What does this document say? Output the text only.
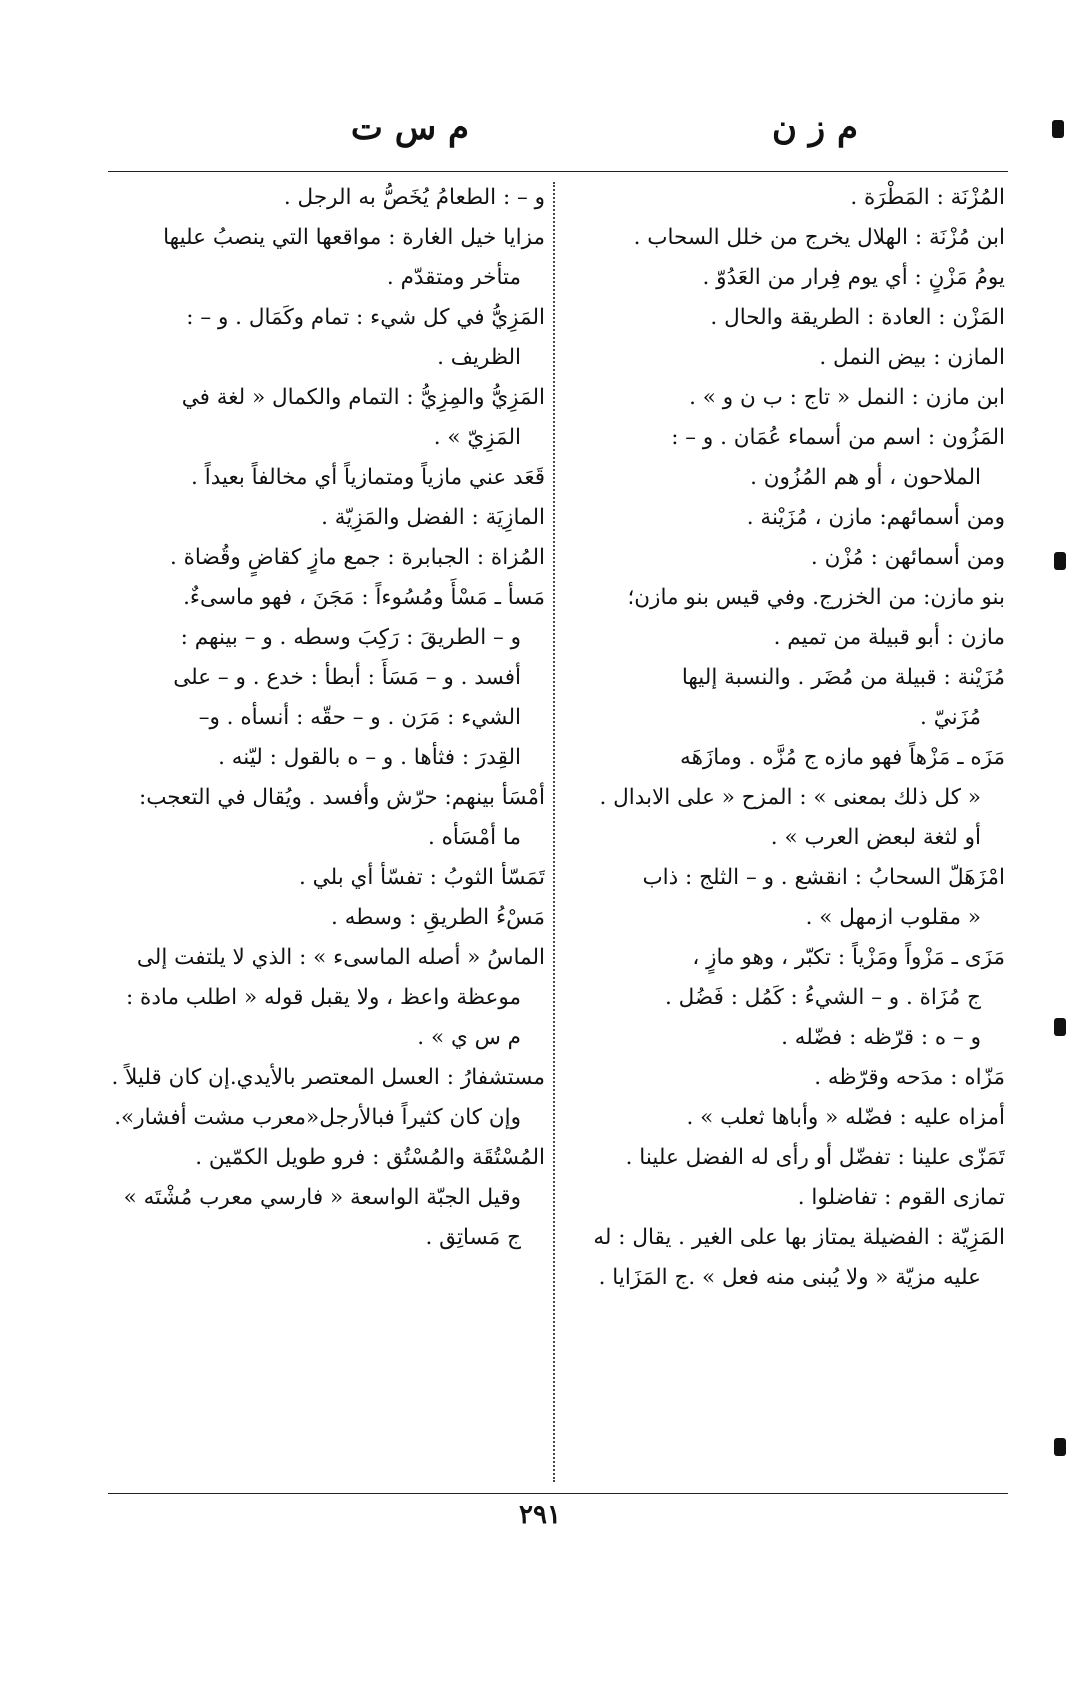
م ز ن
م س ت
المُزْنَة : المَطْرَة .
ابن مُزْنَة : الهلال يخرج من خلل السحاب .
يومُ مَزْنٍ : أي يوم فِرار من العَدُوّ .
المَزْن : العادة : الطريقة والحال .
المازن : بيض النمل .
ابن مازن : النمل « تاج : ب ن و » .
المَزُون : اسم من أسماء عُمَان . و – :
الملاحون ، أو هم المُزُون .
ومن أسمائهم: مازن ، مُزَيْنة .
ومن أسمائهن : مُزْن .
بنو مازن: من الخزرج. وفي قيس بنو مازن؛
مازن : أبو قبيلة من تميم .
مُزَيْنة : قبيلة من مُضَر . والنسبة إليها
مُزَنيّ .
مَزَه ـ مَزْهاً فهو مازه ج مُزَّه . ومازَهَه
« كل ذلك بمعنى » : المزح « على الابدال .
أو لثغة لبعض العرب » .
امْزَهَلّ السحابُ : انقشع . و – الثلج : ذاب
« مقلوب ازمهل » .
مَزَى ـ مَزْواً ومَزْياً : تكبّر ، وهو مازٍ ،
ج مُزَاة . و – الشيءُ : كَمُل : فَضُل .
و – ه : قرّظه : فضّله .
مَزّاه : مدَحه وقرّظه .
أمزاه عليه : فضّله « وأباها ثعلب » .
تَمَزّى علينا : تفضّل أو رأى له الفضل علينا .
تمازى القوم : تفاضلوا .
المَزِيّة : الفضيلة يمتاز بها على الغير . يقال : له
عليه مزيّة « ولا يُبنى منه فعل » .ج المَزَايا .
و – : الطعامُ يُخَصُّ به الرجل .
مزايا خيل الغارة : مواقعها التي ينصبُ عليها
متأخر ومتقدّم .
المَزِيُّ في كل شيء : تمام وكَمَال . و – :
الظريف .
المَزِيُّ والمِزِيُّ : التمام والكمال « لغة في
المَزِيّ » .
قَعَد عني مازياً ومتمازياً أي مخالفاً بعيداً .
المازِيَة : الفضل والمَزِيّة .
المُزاة : الجبابرة : جمع مازٍ كقاضٍ وقُضاة .
مَسأ ـ مَسْأً ومُسُوءاً : مَجَنَ ، فهو ماسىءٌ.
و – الطريقَ : رَكِبَ وسطه . و – بينهم :
أفسد . و – مَسَأً : أبطأ : خدع . و – على
الشيء : مَرَن . و – حقّه : أنسأه . و–
القِدرَ : فثأها . و – ه بالقول : ليّنه .
أمْسَأ بينهم: حرّش وأفسد . ويُقال في التعجب:
ما أمْسَأه .
تَمَسّأ الثوبُ : تفسّأ أي بلي .
مَسْءُ الطريقِ : وسطه .
الماسُ « أصله الماسىء » : الذي لا يلتفت إلى
موعظة واعظ ، ولا يقبل قوله « اطلب مادة :
م س ي » .
مستشفارُ : العسل المعتصر بالأيدي.إن كان قليلاً .
وإن كان كثيراً فبالأرجل«معرب مشت أفشار».
المُسْتُقَة والمُسْتُق : فرو طويل الكمّين .
وقيل الجبّة الواسعة « فارسي معرب مُشْتَه »
ج مَساتِق .
٢٩١
